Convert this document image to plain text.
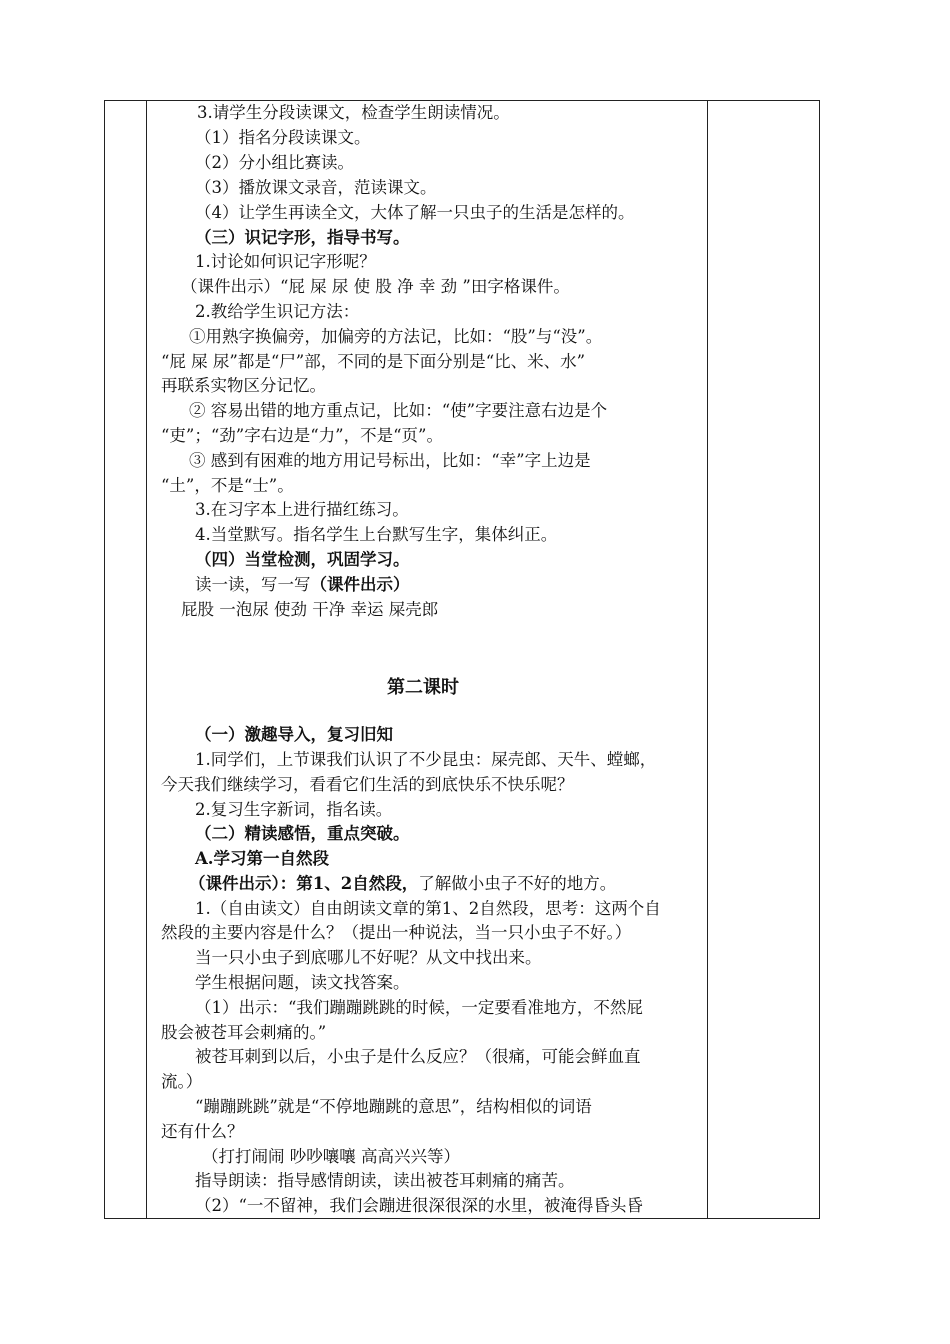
3.请学生分段读课文，检查学生朗读情况。
（1）指名分段读课文。
（2）分小组比赛读。
（3）播放课文录音，范读课文。
（4）让学生再读全文，大体了解一只虫子的生活是怎样的。
（三）识记字形，指导书写。
1.讨论如何识记字形呢？
（课件出示）“屁 屎 尿 使 股 净 幸 劲 ”田字格课件。
2.教给学生识记方法：
①用熟字换偏旁，加偏旁的方法记，比如：“股”与“没”。
“屁 屎 尿”都是“尸”部，不同的是下面分别是“比、米、水”
再联系实物区分记忆。
② 容易出错的地方重点记，比如：“使”字要注意右边是个
“吏”；“劲”字右边是“力”，不是“页”。
③ 感到有困难的地方用记号标出，比如：“幸”字上边是
“土”，不是“士”。
3.在习字本上进行描红练习。
4.当堂默写。指名学生上台默写生字，集体纠正。
（四）当堂检测，巩固学习。
读一读，写一写（课件出示）
屁股 一泡尿 使劲 干净 幸运 屎壳郎
第二课时
（一）激趣导入，复习旧知
1.同学们，上节课我们认识了不少昆虫：屎壳郎、天牛、螳螂，
今天我们继续学习，看看它们生活的到底快乐不快乐呢？
2.复习生字新词，指名读。
（二）精读感悟，重点突破。
A.学习第一自然段
（课件出示）：第1、2自然段，了解做小虫子不好的地方。
1.（自由读文）自由朗读文章的第1、2自然段，思考：这两个自
然段的主要内容是什么？（提出一种说法，当一只小虫子不好。）
当一只小虫子到底哪儿不好呢？从文中找出来。
学生根据问题，读文找答案。
（1）出示：“我们蹦蹦跳跳的时候，一定要看准地方，不然屁
股会被苍耳会刺痛的。”
被苍耳刺到以后，小虫子是什么反应？（很痛，可能会鲜血直
流。）
“蹦蹦跳跳”就是“不停地蹦跳的意思”，结构相似的词语
还有什么？
（打打闹闹 吵吵嚷嚷 高高兴兴等）
指导朗读：指导感情朗读，读出被苍耳刺痛的痛苦。
（2）“一不留神，我们会蹦进很深很深的水里，被淹得昏头昏
